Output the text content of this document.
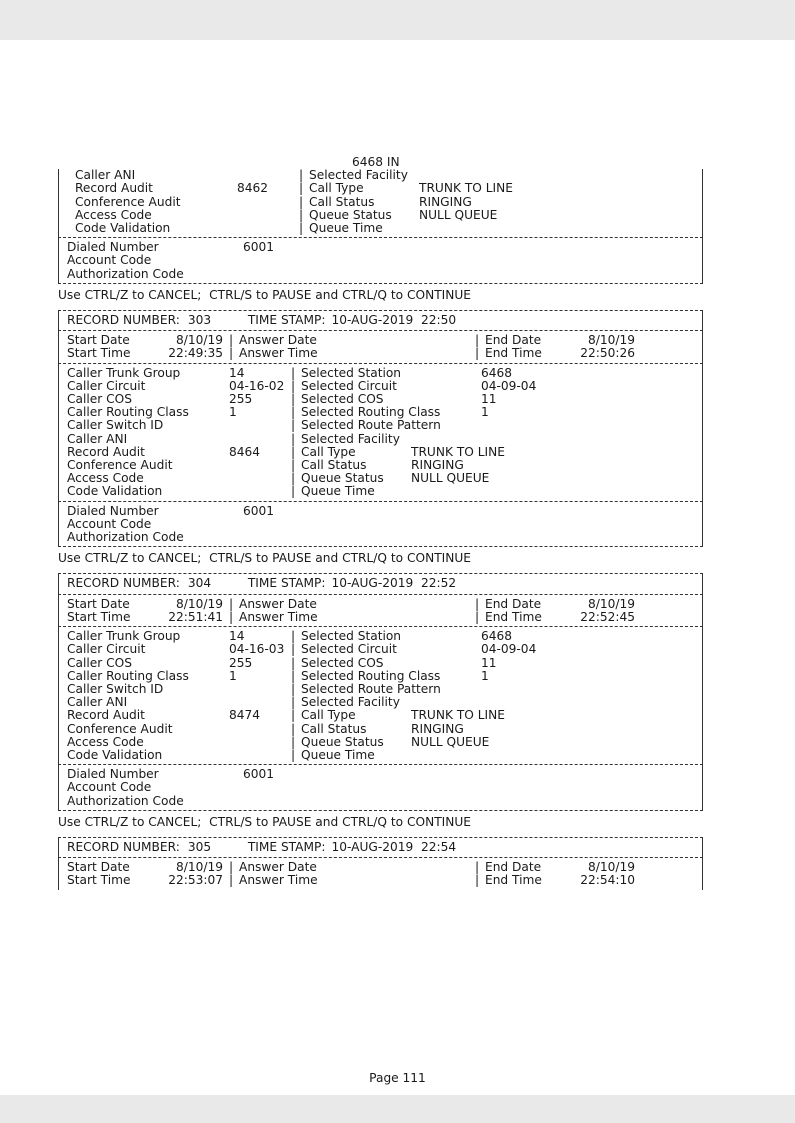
6468 IN
Caller ANI	| Selected Facility
Record Audit	8462	| Call Type	TRUNK TO LINE
Conference Audit	| Call Status	RINGING
Access Code	| Queue Status	NULL QUEUE
Code Validation	| Queue Time
Dialed Number	6001
Account Code
Authorization Code
Use CTRL/Z to CANCEL;  CTRL/S to PAUSE and CTRL/Q to CONTINUE
RECORD NUMBER: 303	TIME STAMP: 10-AUG-2019  22:50
Start Date	8/10/19 | Answer Date	| End Date	8/10/19
Start Time	22:49:35 | Answer Time	| End Time	22:50:26
Caller Trunk Group	14	| Selected Station	6468
Caller Circuit	04-16-02 | Selected Circuit	04-09-04
Caller COS	255	| Selected COS	11
Caller Routing Class	1	| Selected Routing Class	1
Caller Switch ID	| Selected Route Pattern
Caller ANI	| Selected Facility
Record Audit	8464	| Call Type	TRUNK TO LINE
Conference Audit	| Call Status	RINGING
Access Code	| Queue Status	NULL QUEUE
Code Validation	| Queue Time
Dialed Number	6001
Account Code
Authorization Code
Use CTRL/Z to CANCEL;  CTRL/S to PAUSE and CTRL/Q to CONTINUE
RECORD NUMBER: 304	TIME STAMP: 10-AUG-2019  22:52
Start Date	8/10/19 | Answer Date	| End Date	8/10/19
Start Time	22:51:41 | Answer Time	| End Time	22:52:45
Caller Trunk Group	14	| Selected Station	6468
Caller Circuit	04-16-03 | Selected Circuit	04-09-04
Caller COS	255	| Selected COS	11
Caller Routing Class	1	| Selected Routing Class	1
Caller Switch ID	| Selected Route Pattern
Caller ANI	| Selected Facility
Record Audit	8474	| Call Type	TRUNK TO LINE
Conference Audit	| Call Status	RINGING
Access Code	| Queue Status	NULL QUEUE
Code Validation	| Queue Time
Dialed Number	6001
Account Code
Authorization Code
Use CTRL/Z to CANCEL;  CTRL/S to PAUSE and CTRL/Q to CONTINUE
RECORD NUMBER: 305	TIME STAMP: 10-AUG-2019  22:54
Start Date	8/10/19 | Answer Date	| End Date	8/10/19
Start Time	22:53:07 | Answer Time	| End Time	22:54:10
Page 111
